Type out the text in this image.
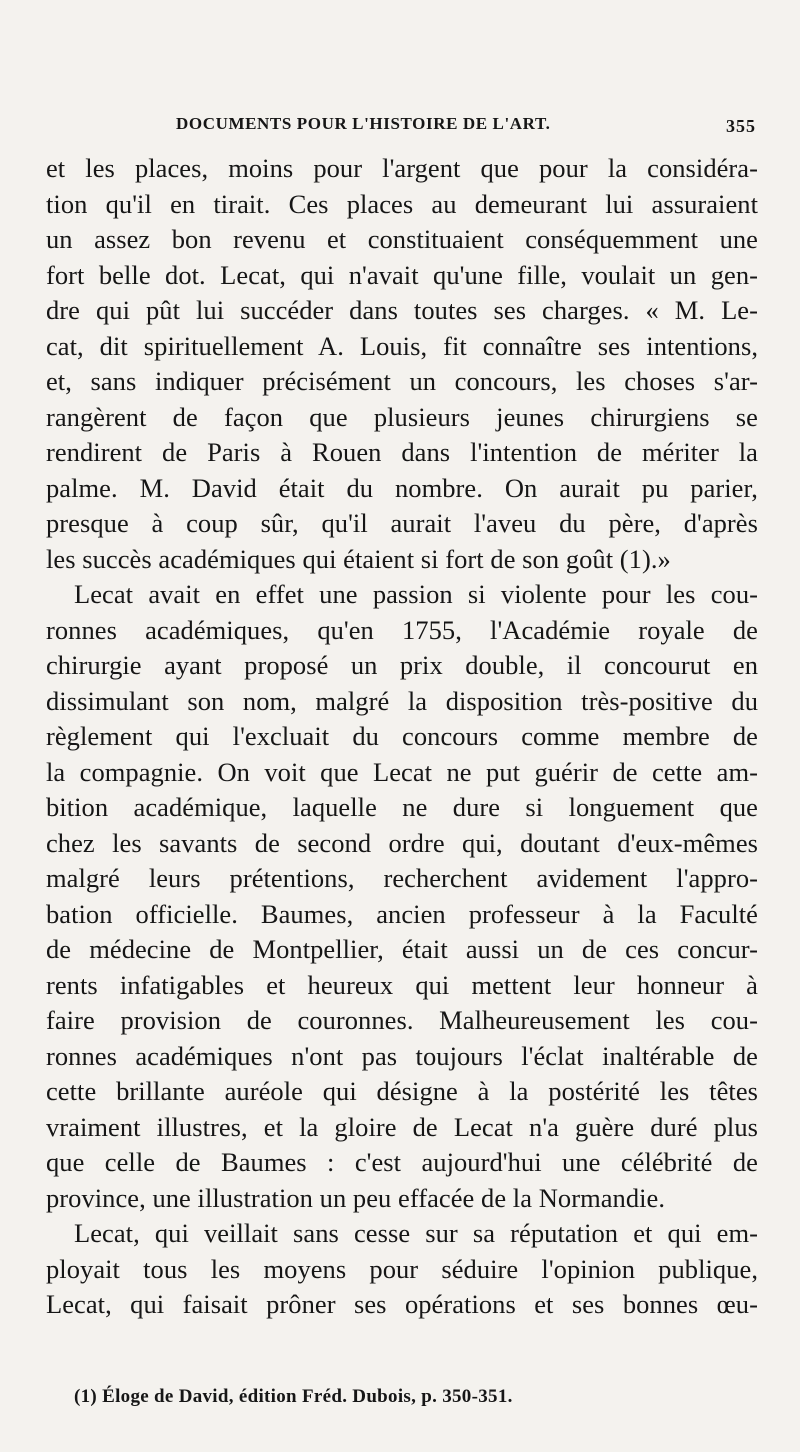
DOCUMENTS POUR L'HISTOIRE DE L'ART.	355
et les places, moins pour l'argent que pour la considéra-
tion qu'il en tirait. Ces places au demeurant lui assuraient
un assez bon revenu et constituaient conséquemment une
fort belle dot. Lecat, qui n'avait qu'une fille, voulait un gen-
dre qui pût lui succéder dans toutes ses charges. « M. Le-
cat, dit spirituellement A. Louis, fit connaître ses intentions,
et, sans indiquer précisément un concours, les choses s'ar-
rangèrent de façon que plusieurs jeunes chirurgiens se
rendirent de Paris à Rouen dans l'intention de mériter la
palme. M. David était du nombre. On aurait pu parier,
presque à coup sûr, qu'il aurait l'aveu du père, d'après
les succès académiques qui étaient si fort de son goût (1).»
Lecat avait en effet une passion si violente pour les cou-
ronnes académiques, qu'en 1755, l'Académie royale de
chirurgie ayant proposé un prix double, il concourut en
dissimulant son nom, malgré la disposition très-positive du
règlement qui l'excluait du concours comme membre de
la compagnie. On voit que Lecat ne put guérir de cette am-
bition académique, laquelle ne dure si longuement que
chez les savants de second ordre qui, doutant d'eux-mêmes
malgré leurs prétentions, recherchent avidement l'appro-
bation officielle. Baumes, ancien professeur à la Faculté
de médecine de Montpellier, était aussi un de ces concur-
rents infatigables et heureux qui mettent leur honneur à
faire provision de couronnes. Malheureusement les cou-
ronnes académiques n'ont pas toujours l'éclat inaltérable de
cette brillante auréole qui désigne à la postérité les têtes
vraiment illustres, et la gloire de Lecat n'a guère duré plus
que celle de Baumes : c'est aujourd'hui une célébrité de
province, une illustration un peu effacée de la Normandie.
Lecat, qui veillait sans cesse sur sa réputation et qui em-
ployait tous les moyens pour séduire l'opinion publique,
Lecat, qui faisait prôner ses opérations et ses bonnes œu-
(1) Éloge de David, édition Fréd. Dubois, p. 350-351.
